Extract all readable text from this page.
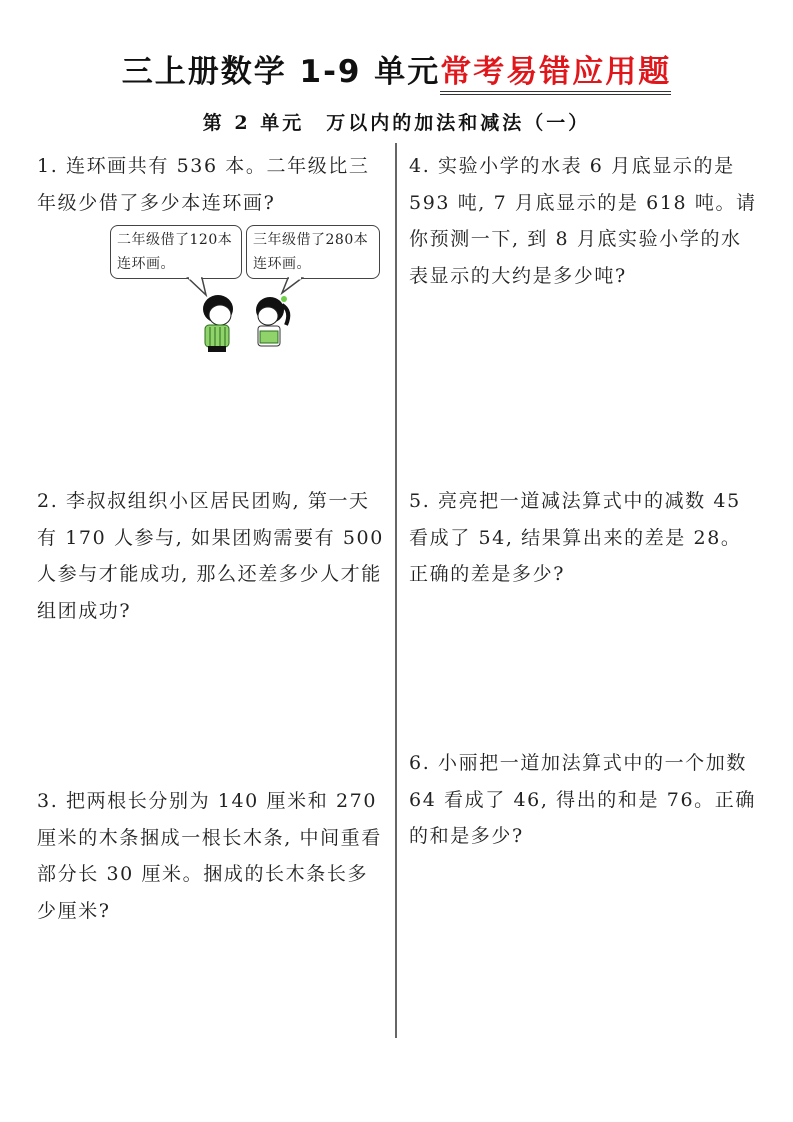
三上册数学 1-9 单元常考易错应用题
第 2 单元　万以内的加法和减法（一）
1. 连环画共有 536 本。二年级比三年级少借了多少本连环画?
二年级借了120本连环画。
三年级借了280本连环画。
2. 李叔叔组织小区居民团购, 第一天有 170 人参与, 如果团购需要有 500 人参与才能成功, 那么还差多少人才能组团成功?
3. 把两根长分别为 140 厘米和 270 厘米的木条捆成一根长木条, 中间重看部分长 30 厘米。捆成的长木条长多少厘米?
4. 实验小学的水表 6 月底显示的是 593 吨, 7 月底显示的是 618 吨。请你预测一下, 到 8 月底实验小学的水表显示的大约是多少吨?
5. 亮亮把一道减法算式中的减数 45 看成了 54, 结果算出来的差是 28。正确的差是多少?
6. 小丽把一道加法算式中的一个加数 64 看成了 46, 得出的和是 76。正确的和是多少?
